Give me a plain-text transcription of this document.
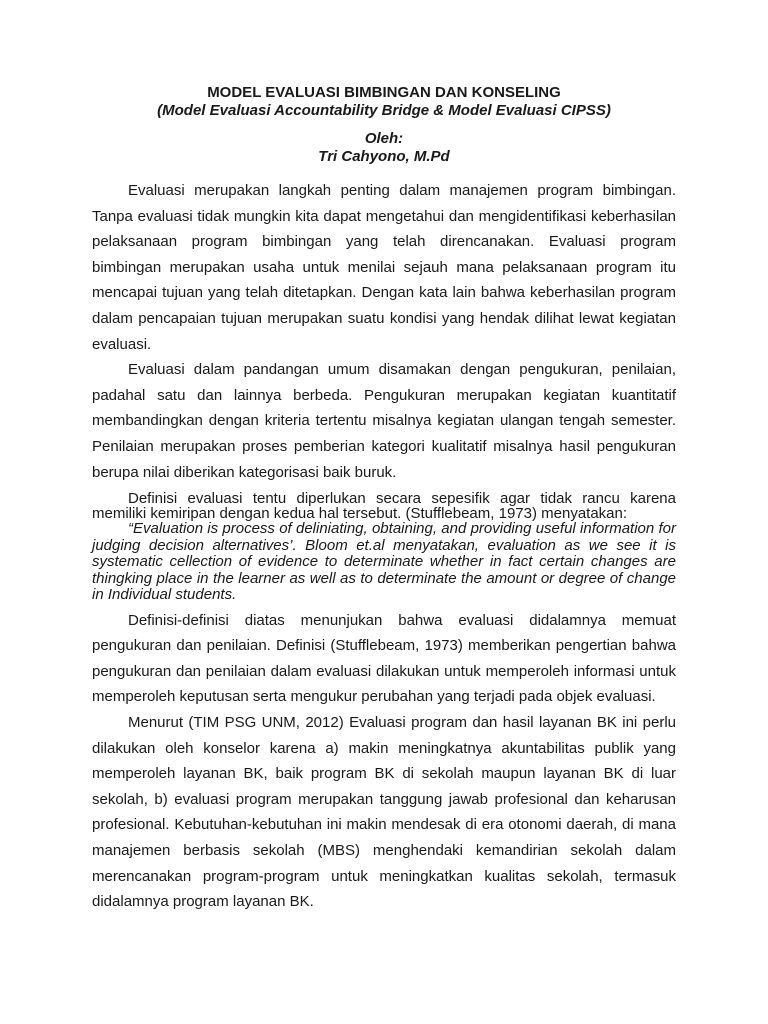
MODEL EVALUASI BIMBINGAN DAN KONSELING

(Model Evaluasi Accountability Bridge & Model Evaluasi CIPSS)

Oleh:

Tri Cahyono, M.Pd

Evaluasi merupakan langkah penting dalam manajemen program bimbingan. Tanpa evaluasi tidak mungkin kita dapat mengetahui dan mengidentifikasi keberhasilan pelaksanaan program bimbingan yang telah direncanakan. Evaluasi program bimbingan merupakan usaha untuk menilai sejauh mana pelaksanaan program itu mencapai tujuan yang telah ditetapkan. Dengan kata lain bahwa keberhasilan program dalam pencapaian tujuan merupakan suatu kondisi yang hendak dilihat lewat kegiatan evaluasi.

Evaluasi dalam pandangan umum disamakan dengan pengukuran, penilaian, padahal satu dan lainnya berbeda. Pengukuran merupakan kegiatan kuantitatif membandingkan dengan kriteria tertentu misalnya kegiatan ulangan tengah semester. Penilaian merupakan proses pemberian kategori kualitatif misalnya hasil pengukuran berupa nilai diberikan kategorisasi baik buruk.

Definisi evaluasi tentu diperlukan secara sepesifik agar tidak rancu karena memiliki kemiripan dengan kedua hal tersebut. (Stufflebeam, 1973) menyatakan:

“Evaluation is process of deliniating, obtaining, and providing useful information for judging decision alternatives’. Bloom et.al menyatakan, evaluation as we see it is systematic cellection of evidence to determinate whether in fact certain changes are thingking place in the learner as well as to determinate the amount or degree of change in Individual students.

Definisi-definisi diatas menunjukan bahwa evaluasi didalamnya memuat pengukuran dan penilaian. Definisi (Stufflebeam, 1973) memberikan pengertian bahwa pengukuran dan penilaian dalam evaluasi dilakukan untuk memperoleh informasi untuk memperoleh keputusan serta mengukur perubahan yang terjadi pada objek evaluasi.

Menurut (TIM PSG UNM, 2012) Evaluasi program dan hasil layanan BK ini perlu dilakukan oleh konselor karena a) makin meningkatnya akuntabilitas publik yang memperoleh layanan BK, baik program BK di sekolah maupun layanan BK di luar sekolah, b) evaluasi program merupakan tanggung jawab profesional dan keharusan profesional. Kebutuhan-kebutuhan ini makin mendesak di era otonomi daerah, di mana manajemen berbasis sekolah (MBS) menghendaki kemandirian sekolah dalam merencanakan program-program untuk meningkatkan kualitas sekolah, termasuk didalamnya program layanan BK.
